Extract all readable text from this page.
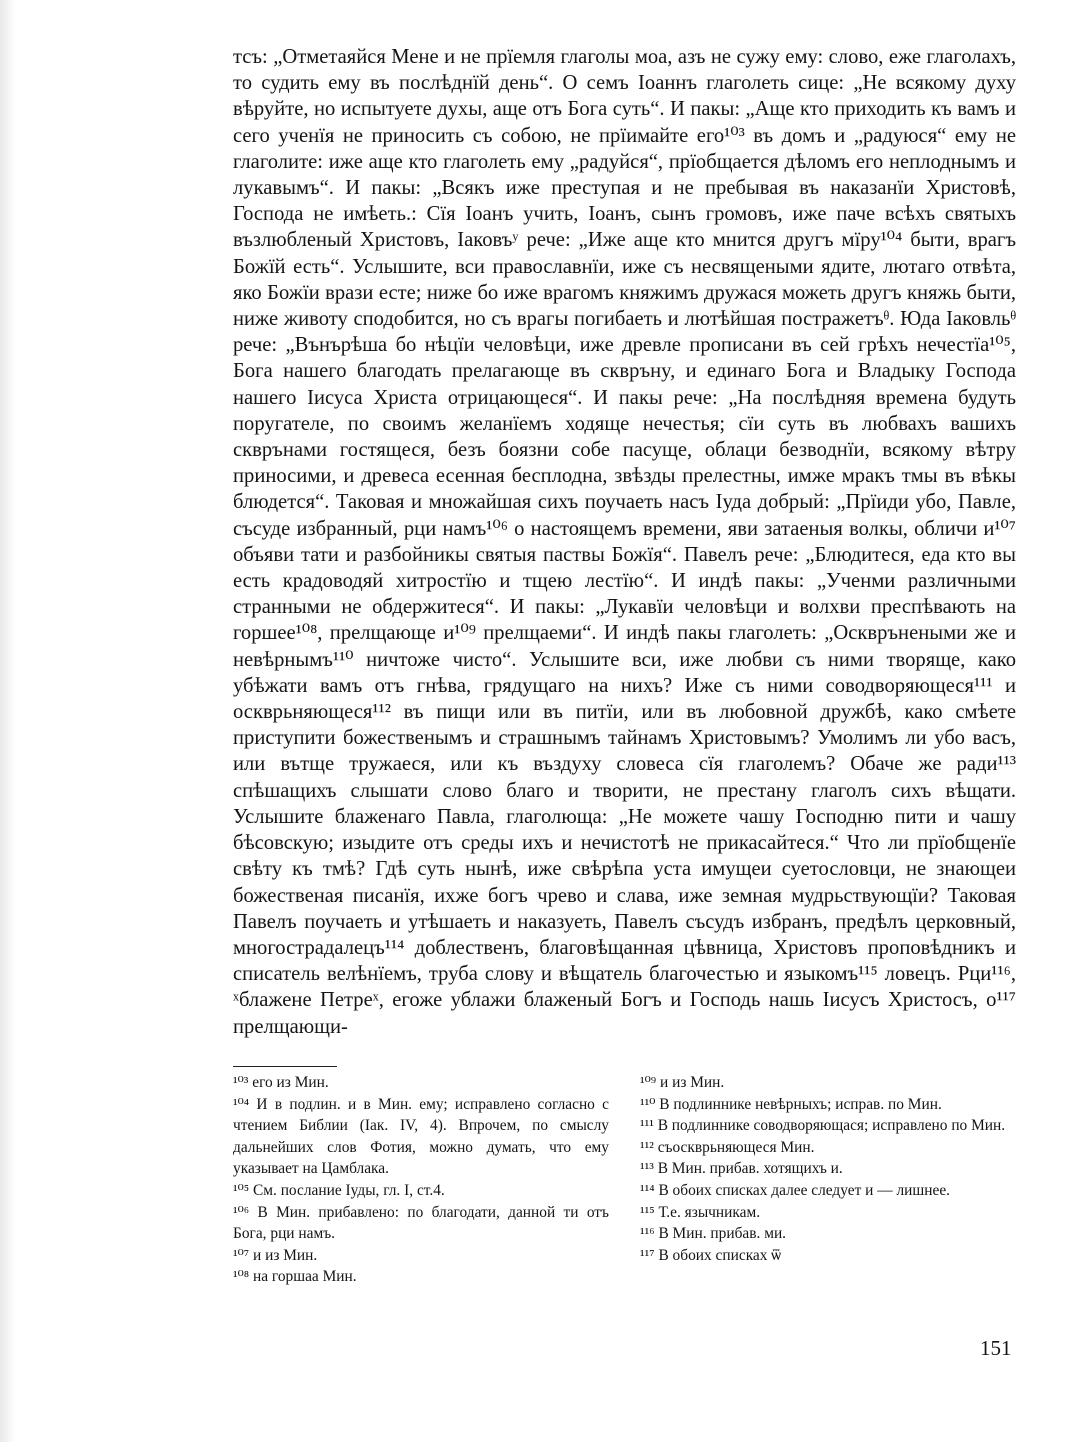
тсъ: „Отметаяйся Мене и не прїемля глаголы моа, азъ не сужу ему: слово, еже глаголахъ, то судить ему въ послѣднїй день“. О семъ Іоаннъ глаголеть сице: „Не всякому духу вѣруйте, но испытуете духы, аще отъ Бога суть“. И пакы: „Аще кто приходить къ вамъ и сего ученїя не приносить съ собою, не прїимайте его¹⁰³ въ домъ и „радуюся“ ему не глаголите: иже аще кто глаголеть ему „радуйся“, прїобщается дѣломъ его неплоднымъ и лукавымъ“. И пакы: „Всякъ иже преступая и не пребывая въ наказанїи Христовѣ, Господа не имѣеть.: Сїя Іоанъ учить, Іоанъ, сынъ громовъ, иже паче всѣхъ святыхъ възлюбленый Христовъ, Іаковъʸ рече: „Иже аще кто мнится другъ мїру¹⁰⁴ быти, врагъ Божїй есть“. Услышите, вси православнїи, иже съ несвящеными ядите, лютаго отвѣта, яко Божїи врази есте; ниже бо иже врагомъ княжимъ дружася можеть другъ княжь быти, ниже животу сподобится, но съ врагы погибаеть и лютѣйшая постражетъᶿ. Юда Іаковльᶿ рече: „Вънърѣша бо нѣцїи человѣци, иже древле прописани въ сей грѣхъ нечестїа¹⁰⁵, Бога нашего благодать прелагающе въ скврънy, и единаго Бога и Владыку Господа нашего Іисуса Христа отрицающеся“. И пакы рече: „На послѣдняя времена будуть поругателе, по своимъ желанїемъ ходяще нечестья; сїи суть въ любвахъ вашихъ скврънами гостящеся, безъ боязни собе пасуще, облаци безводнїи, всякому вѣтру приносими, и древеса есенная бесплодна, звѣзды прелестны, имже мракъ тмы въ вѣкы блюдется“. Таковая и множайшая сихъ поучаеть насъ Іуда добрый: „Прїиди убо, Павле, съсуде избранный, рци намъ¹⁰⁶ о настоящемъ времени, яви затаеныя волкы, обличи и¹⁰⁷ объяви тати и разбойникы святыя паствы Божїя“. Павелъ рече: „Блюдитеся, еда кто вы есть крадоводяй хитростїю и тщею лестїю“. И индѣ пакы: „Ученми различными странными не обдержитеся“. И пакы: „Лукавїи человѣци и волхви преспѣвають на горшее¹⁰⁸, прелщающе и¹⁰⁹ прелщаеми“. И индѣ пакы глаголеть: „Оскврънеными же и невѣрнымъ¹¹⁰ ничтоже чисто“. Услышите вси, иже любви съ ними творяще, како убѣжати вамъ отъ гнѣва, грядущаго на нихъ? Иже съ ними cоводворяющеся¹¹¹ и оскврьняющеся¹¹² въ пищи или въ питїи, или въ любовной дружбѣ, како смѣете приступити божественымъ и страшнымъ тайнамъ Христовымъ? Умолимъ ли убо васъ, или вътще тружаеся, или къ въздуху словеса сїя глаголемъ? Обаче же ради¹¹³ спѣшащихъ слышати слово благо и творити, не престану глаголъ сихъ вѣщати. Услышите блаженаго Павла, глаголюща: „Не можете чашу Господню пити и чашу бѣсовскую; изыдите отъ среды ихъ и нечистотѣ не прикасайтеся.“ Что ли прїобщенїе свѣту къ тмѣ? Гдѣ суть нынѣ, иже свѣрѣпа уста имущеи суетословци, не знающеи божественая писанїя, ихже богъ чрево и слава, иже земная мудрьствующїи? Таковая Павелъ поучаеть и утѣшаеть и наказуеть, Павелъ съсудъ избранъ, предѣлъ церковный, многострадалецъ¹¹⁴ доблественъ, благовѣщанная цѣвница, Христовъ проповѣдникъ и списатель велѣнїемъ, труба слову и вѣщатель благочестью и языкомъ¹¹⁵ ловецъ. Рци¹¹⁶, ˣблажене Петреˣ, егоже ублажи блаженый Богъ и Господь нашь Іисусъ Христосъ, о¹¹⁷ прелщающи-

¹⁰³ его из Мин.

¹⁰⁴ И в подлин. и в Мин. ему; исправлено согласно с чтением Библии (Іак. IV, 4). Впрочем, по смыслу дальнейших слов Фотия, можно думать, что ему указывает на Цамблака.

¹⁰⁵ См. послание Іуды, гл. I, ст.4.

¹⁰⁶ В Мин. прибавлено: по благодати, данной ти отъ Бога, рци намъ.

¹⁰⁷ и из Мин.

¹⁰⁸ на горшаа Мин.

¹⁰⁹ и из Мин.

¹¹⁰ В подлиннике невѣрныхъ; исправ. по Мин.

¹¹¹ В подлиннике соводворяющася; исправлено по Мин.

¹¹² съоскврьняющеся Мин.

¹¹³ В Мин. прибав. хотящихъ и.

¹¹⁴ В обоих списках далее следует и — лишнее.

¹¹⁵ Т.е. язычникам.

¹¹⁶ В Мин. прибав. ми.

¹¹⁷ В обоих списках ѿ

151
